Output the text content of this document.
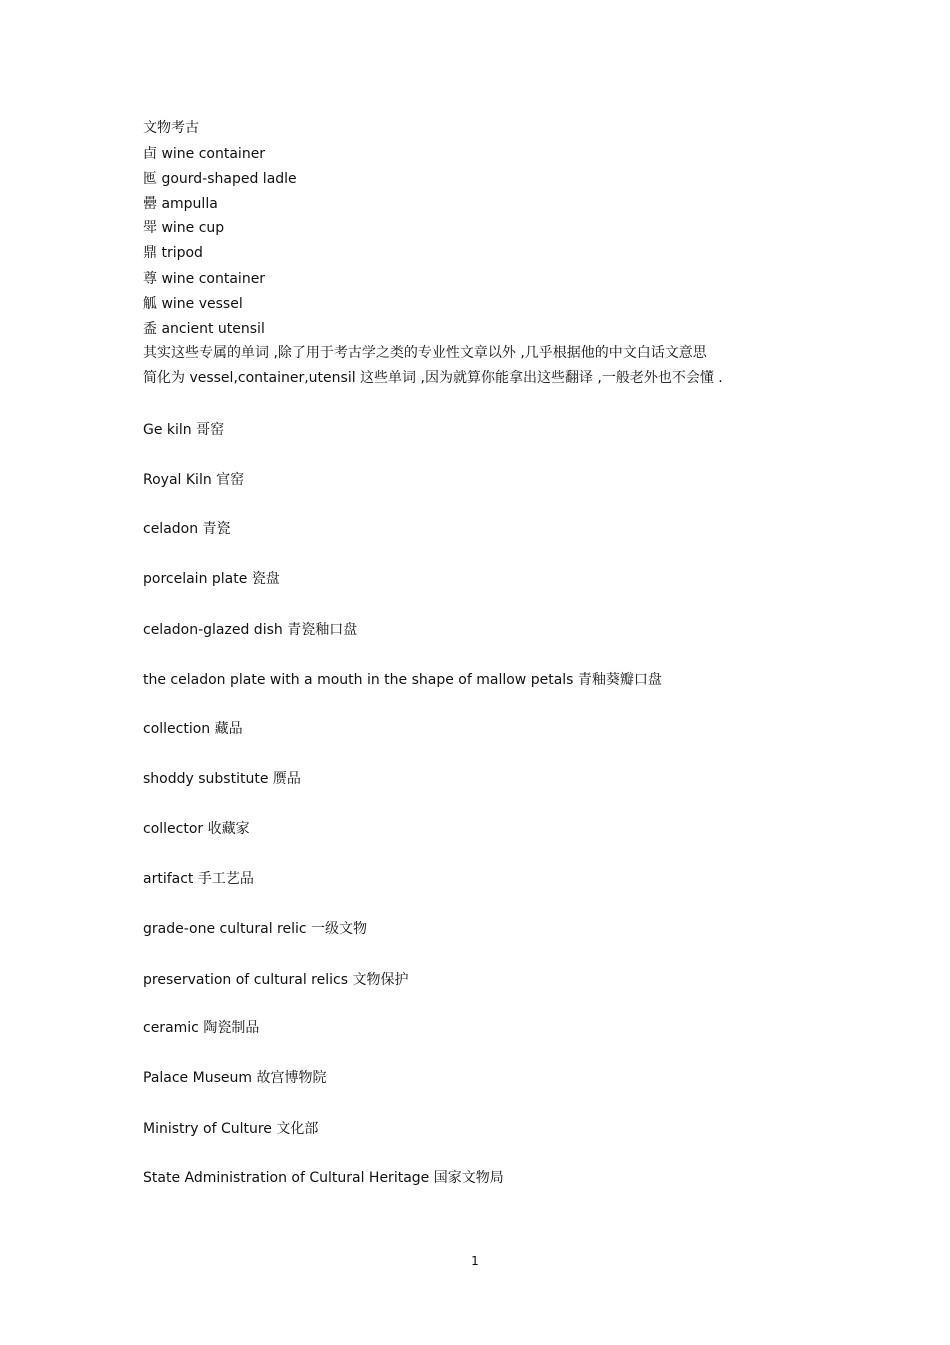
文物考古
卣 wine container
匜 gourd-shaped ladle
罍 ampulla
斝 wine cup
鼎 tripod
尊 wine container
觚 wine vessel
盉 ancient utensil
其实这些专属的单词 ,除了用于考古学之类的专业性文章以外 ,几乎根据他的中文白话文意思
简化为 vessel,container,utensil 这些单词 ,因为就算你能拿出这些翻译 ,一般老外也不会懂 .
Ge kiln 哥窑
Royal Kiln 官窑
celadon 青瓷
porcelain plate 瓷盘
celadon-glazed dish 青瓷釉口盘
the celadon plate with a mouth in the shape of mallow petals 青釉葵瓣口盘
collection 藏品
shoddy substitute 赝品
collector 收藏家
artifact 手工艺品
grade-one cultural relic 一级文物
preservation of cultural relics 文物保护
ceramic 陶瓷制品
Palace Museum 故宫博物院
Ministry of Culture 文化部
State Administration of Cultural Heritage 国家文物局
1
